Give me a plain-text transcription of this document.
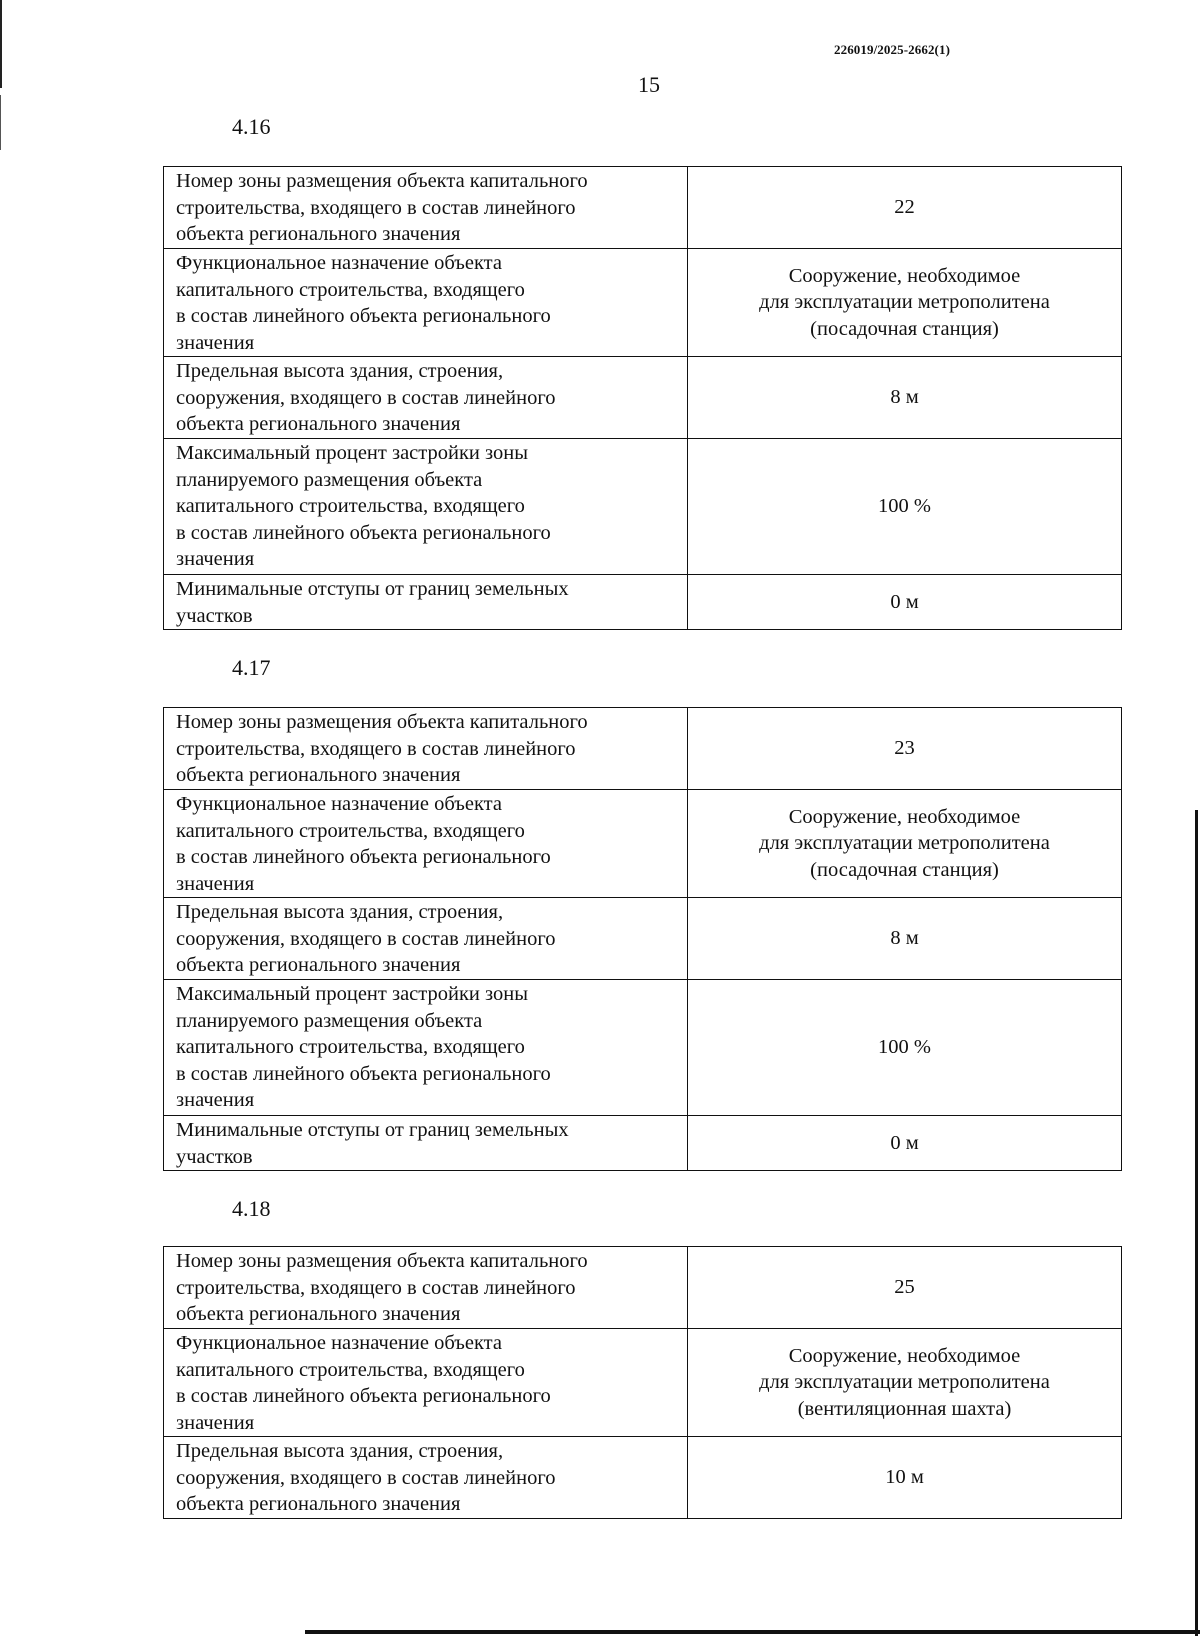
226019/2025-2662(1)
15
4.16
Номер зоны размещения объекта капитального
строительства, входящего в состав линейного
объекта регионального значения	22

Функциональное назначение объекта
капитального строительства, входящего
в состав линейного объекта регионального
значения	Сооружение, необходимое
для эксплуатации метрополитена
(посадочная станция)

Предельная высота здания, строения,
сооружения, входящего в состав линейного
объекта регионального значения	8 м

Максимальный процент застройки зоны
планируемого размещения объекта
капитального строительства, входящего
в состав линейного объекта регионального
значения	100 %

Минимальные отступы от границ земельных
участков	0 м
4.17
Номер зоны размещения объекта капитального
строительства, входящего в состав линейного
объекта регионального значения	23

Функциональное назначение объекта
капитального строительства, входящего
в состав линейного объекта регионального
значения	Сооружение, необходимое
для эксплуатации метрополитена
(посадочная станция)

Предельная высота здания, строения,
сооружения, входящего в состав линейного
объекта регионального значения	8 м

Максимальный процент застройки зоны
планируемого размещения объекта
капитального строительства, входящего
в состав линейного объекта регионального
значения	100 %

Минимальные отступы от границ земельных
участков	0 м
4.18
Номер зоны размещения объекта капитального
строительства, входящего в состав линейного
объекта регионального значения	25

Функциональное назначение объекта
капитального строительства, входящего
в состав линейного объекта регионального
значения	Сооружение, необходимое
для эксплуатации метрополитена
(вентиляционная шахта)

Предельная высота здания, строения,
сооружения, входящего в состав линейного
объекта регионального значения	10 м
